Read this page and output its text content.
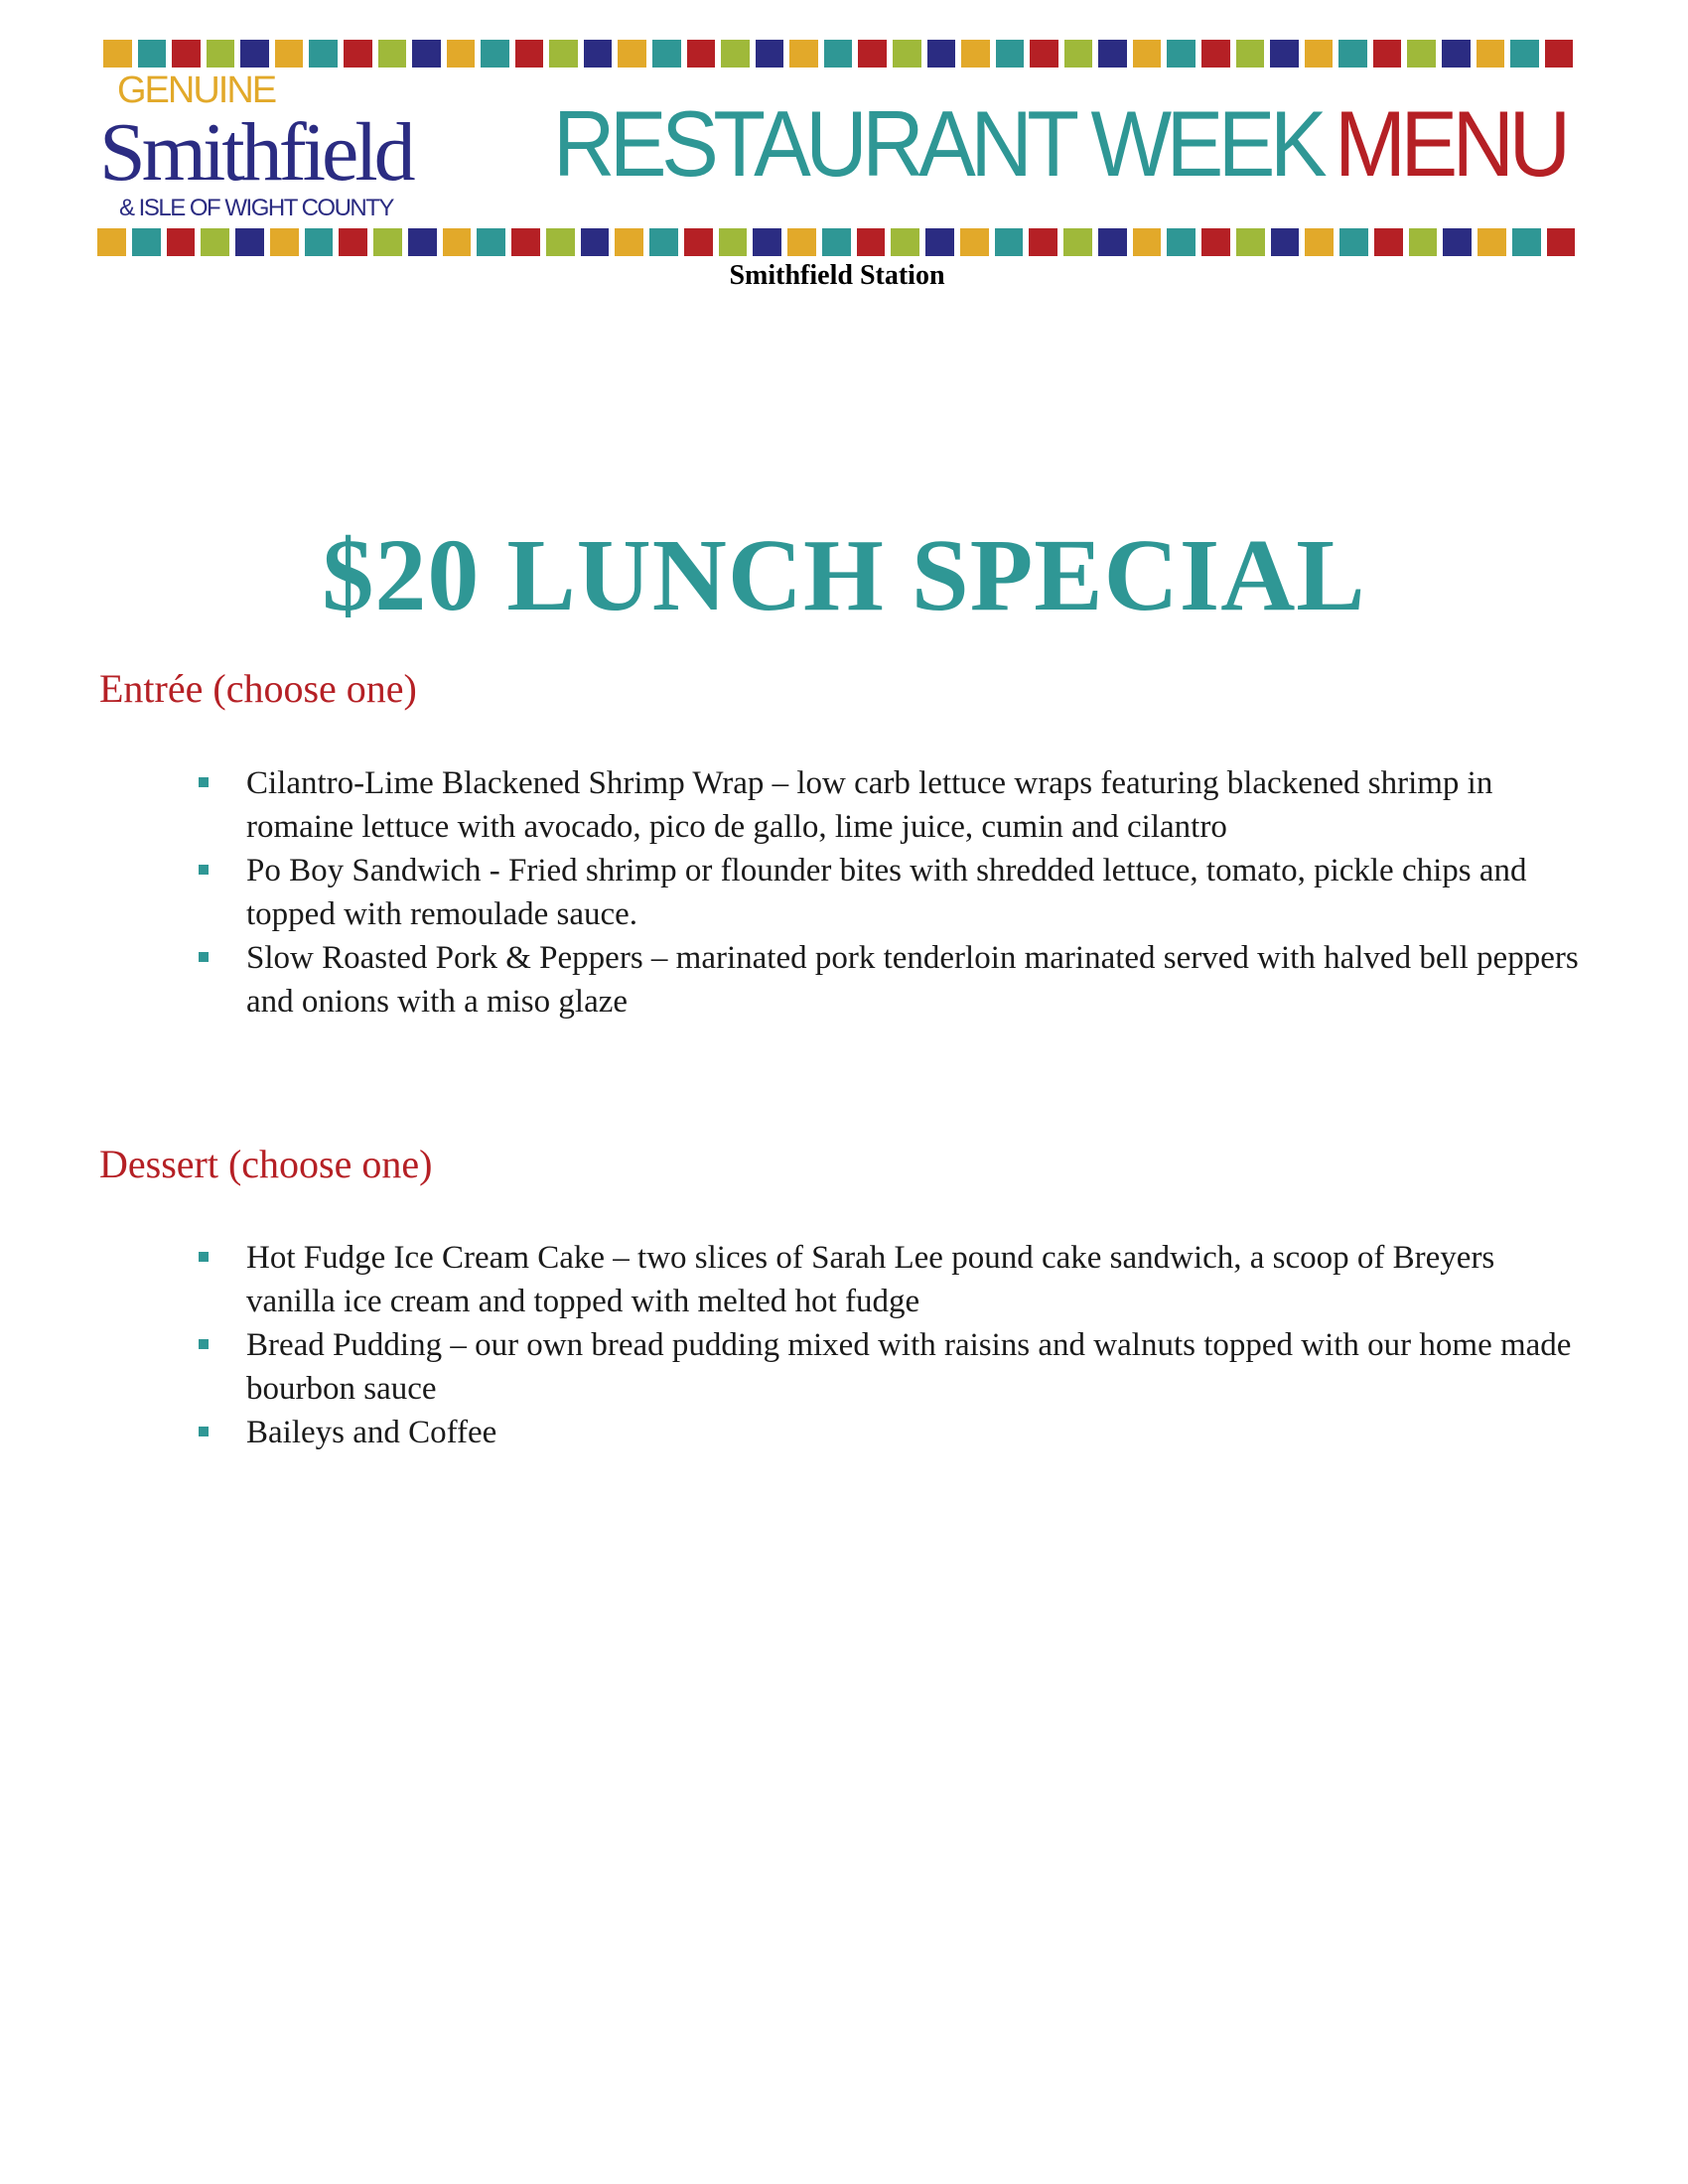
GENUINE
Smithfield
& ISLE OF WIGHT COUNTY
RESTAURANT WEEK MENU
Smithfield Station
$20 LUNCH SPECIAL
Entrée (choose one)
Cilantro-Lime Blackened Shrimp Wrap – low carb lettuce wraps featuring blackened shrimp in romaine lettuce with avocado, pico de gallo, lime juice, cumin and cilantro
Po Boy Sandwich - Fried shrimp or flounder bites with shredded lettuce, tomato, pickle chips and topped with remoulade sauce.
Slow Roasted Pork & Peppers – marinated pork tenderloin marinated served with halved bell peppers and onions with a miso glaze
Dessert (choose one)
Hot Fudge Ice Cream Cake – two slices of Sarah Lee pound cake sandwich, a scoop of Breyers vanilla ice cream and topped with melted hot fudge
Bread Pudding – our own bread pudding mixed with raisins and walnuts topped with our home made bourbon sauce
Baileys and Coffee
